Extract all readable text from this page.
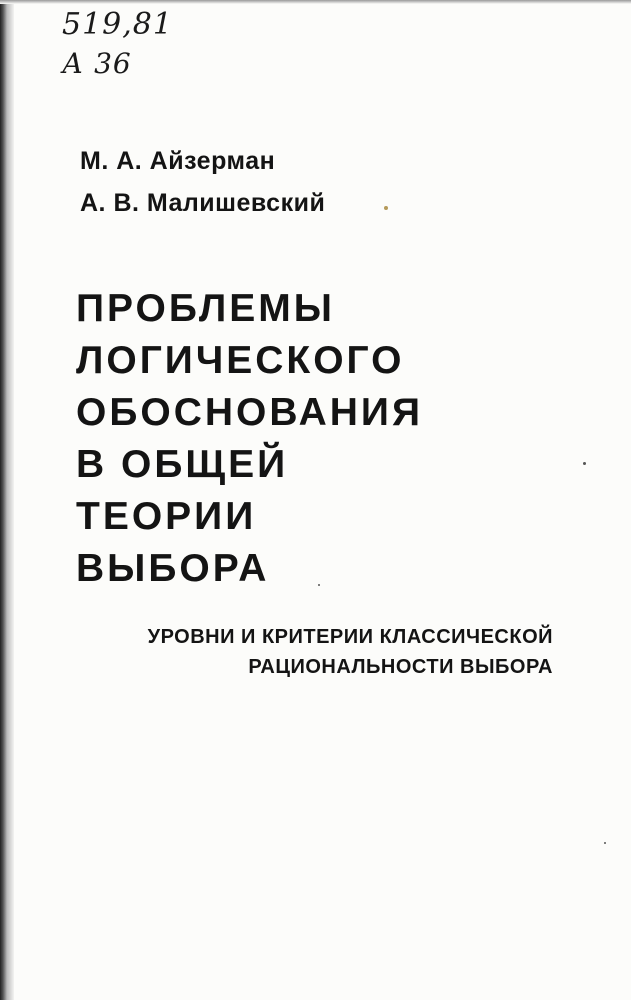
519,81
А 36
М. А. Айзерман
А. В. Малишевский
ПРОБЛЕМЫ
ЛОГИЧЕСКОГО
ОБОСНОВАНИЯ
В ОБЩЕЙ
ТЕОРИИ
ВЫБОРА
УРОВНИ И КРИТЕРИИ КЛАССИЧЕСКОЙ
РАЦИОНАЛЬНОСТИ ВЫБОРА
